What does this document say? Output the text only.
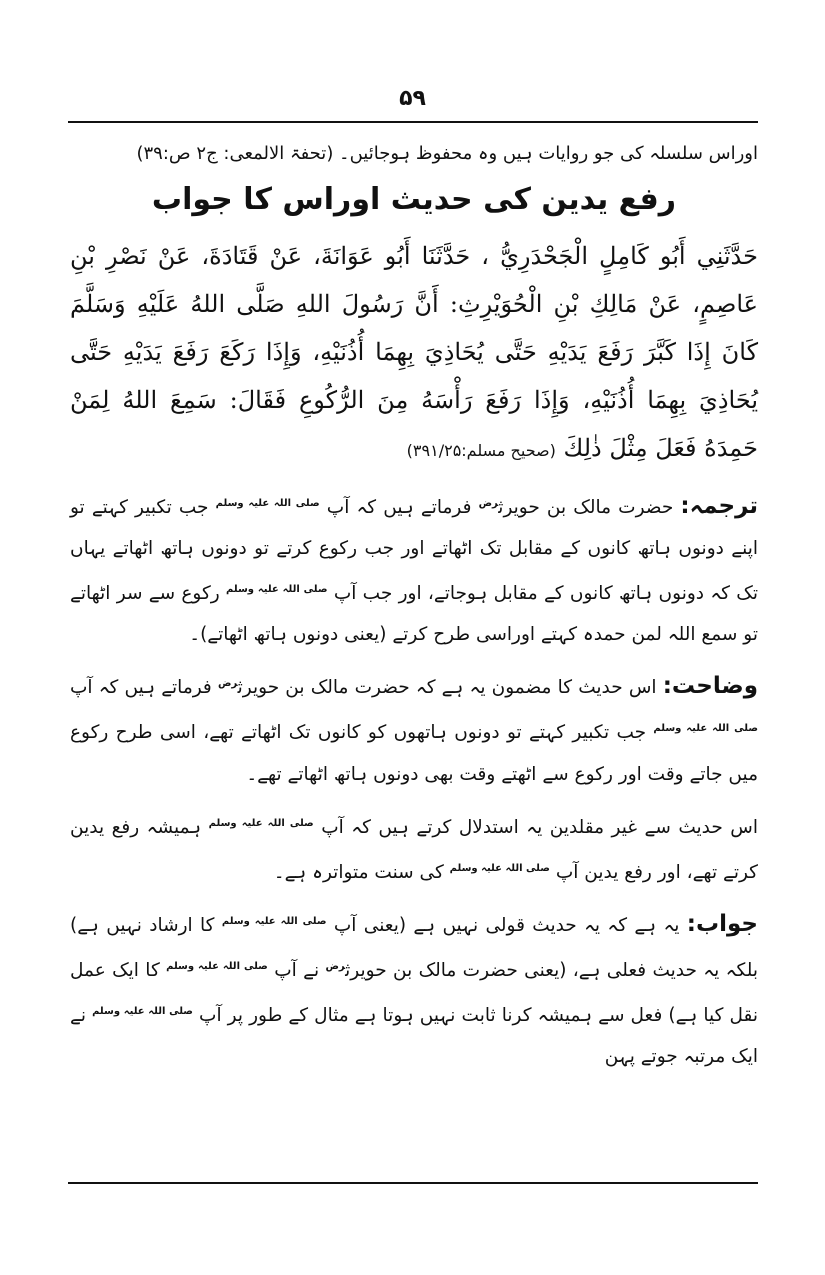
۵۹

اوراس سلسلہ کی جو روایات ہیں وہ محفوظ ہوجائیں۔ (تحفۃ الالمعی: ج۲ ص:۳۹)

رفع یدین کی حدیث اوراس کا جواب

حَدَّثَنِي أَبُو كَامِلٍ الْجَحْدَرِيُّ ، حَدَّثَنَا أَبُو عَوَانَةَ، عَنْ قَتَادَةَ، عَنْ نَصْرِ بْنِ عَاصِمٍ، عَنْ مَالِكِ بْنِ الْحُوَيْرِثِ: أَنَّ رَسُولَ اللهِ صَلَّى اللهُ عَلَيْهِ وَسَلَّمَ كَانَ إِذَا كَبَّرَ رَفَعَ يَدَيْهِ حَتَّى يُحَاذِيَ بِهِمَا أُذُنَيْهِ، وَإِذَا رَكَعَ رَفَعَ يَدَيْهِ حَتَّى يُحَاذِيَ بِهِمَا أُذُنَيْهِ، وَإِذَا رَفَعَ رَأْسَهُ مِنَ الرُّكُوعِ فَقَالَ: سَمِعَ اللهُ لِمَنْ حَمِدَهُ فَعَلَ مِثْلَ ذٰلِكَ (صحیح مسلم:۳۹۱/۲۵)

ترجمہ: حضرت مالک بن حویرث$^{رض}$ فرماتے ہیں کہ آپ $^{صلی اللہ علیہ وسلم}$ جب تکبیر کہتے تو اپنے دونوں ہاتھ کانوں کے مقابل تک اٹھاتے اور جب رکوع کرتے تو دونوں ہاتھ اٹھاتے یہاں تک کہ دونوں ہاتھ کانوں کے مقابل ہوجاتے، اور جب آپ $^{صلی اللہ علیہ وسلم}$ رکوع سے سر اٹھاتے تو سمع اللہ لمن حمدہ کہتے اوراسی طرح کرتے (یعنی دونوں ہاتھ اٹھاتے)۔

وضاحت: اس حدیث کا مضمون یہ ہے کہ حضرت مالک بن حویرث$^{رض}$ فرماتے ہیں کہ آپ $^{صلی اللہ علیہ وسلم}$ جب تکبیر کہتے تو دونوں ہاتھوں کو کانوں تک اٹھاتے تھے، اسی طرح رکوع میں جاتے وقت اور رکوع سے اٹھتے وقت بھی دونوں ہاتھ اٹھاتے تھے۔

اس حدیث سے غیر مقلدین یہ استدلال کرتے ہیں کہ آپ $^{صلی اللہ علیہ وسلم}$ ہمیشہ رفع یدین کرتے تھے، اور رفع یدین آپ $^{صلی اللہ علیہ وسلم}$ کی سنت متواترہ ہے۔

جواب: یہ ہے کہ یہ حدیث قولی نہیں ہے (یعنی آپ $^{صلی اللہ علیہ وسلم}$ کا ارشاد نہیں ہے) بلکہ یہ حدیث فعلی ہے، (یعنی حضرت مالک بن حویرث$^{رض}$ نے آپ $^{صلی اللہ علیہ وسلم}$ کا ایک عمل نقل کیا ہے) فعل سے ہمیشہ کرنا ثابت نہیں ہوتا ہے مثال کے طور پر آپ $^{صلی اللہ علیہ وسلم}$ نے ایک مرتبہ جوتے پہن
